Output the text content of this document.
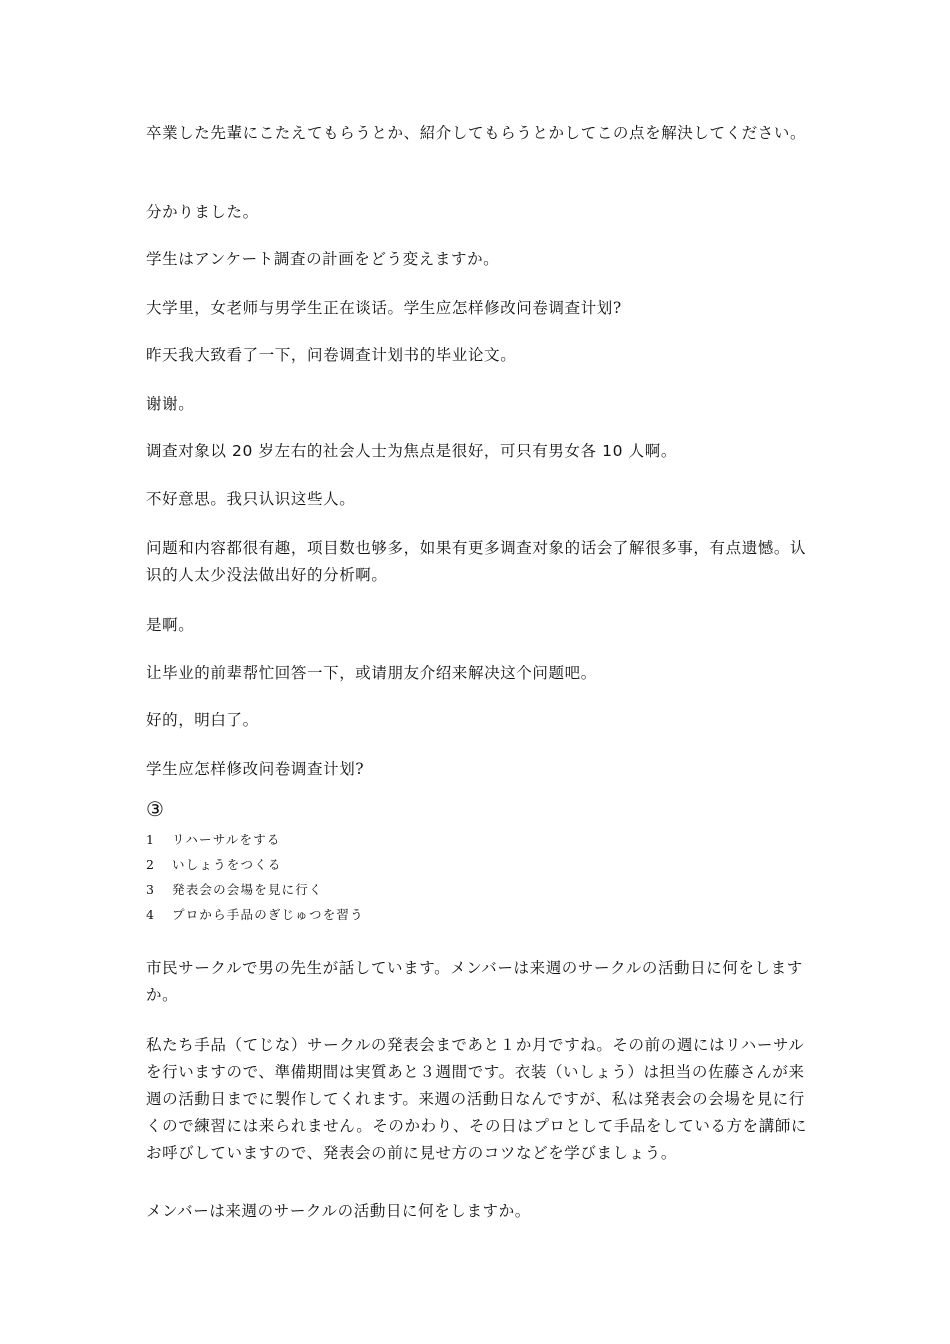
卒業した先輩にこたえてもらうとか、紹介してもらうとかしてこの点を解決してください。

分かりました。

学生はアンケート調査の計画をどう変えますか。

大学里，女老师与男学生正在谈话。学生应怎样修改问卷调查计划?

昨天我大致看了一下，问卷调查计划书的毕业论文。

谢谢。

调查对象以 20 岁左右的社会人士为焦点是很好，可只有男女各 10 人啊。

不好意思。我只认识这些人。

问题和内容都很有趣，项目数也够多，如果有更多调查对象的话会了解很多事，有点遗憾。认识的人太少没法做出好的分析啊。

是啊。

让毕业的前辈帮忙回答一下，或请朋友介绍来解决这个问题吧。

好的，明白了。

学生应怎样修改问卷调查计划?

③
1 リハーサルをする
2 いしょうをつくる
3 発表会の会場を見に行く
4 プロから手品のぎじゅつを習う

市民サークルで男の先生が話しています。メンバーは来週のサークルの活動日に何をしますか。

私たち手品（てじな）サークルの発表会まであと１か月ですね。その前の週にはリハーサルを行いますので、準備期間は実質あと３週間です。衣装（いしょう）は担当の佐藤さんが来週の活動日までに製作してくれます。来週の活動日なんですが、私は発表会の会場を見に行くので練習には来られません。そのかわり、その日はプロとして手品をしている方を講師にお呼びしていますので、発表会の前に見せ方のコツなどを学びましょう。

メンバーは来週のサークルの活動日に何をしますか。
